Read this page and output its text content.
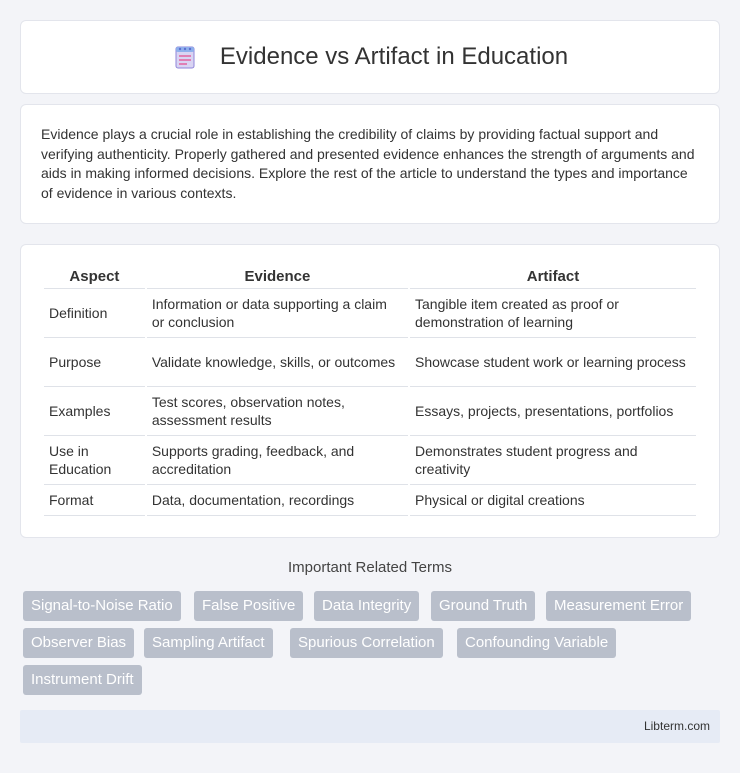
Evidence vs Artifact in Education

Evidence plays a crucial role in establishing the credibility of claims by providing factual support and verifying authenticity. Properly gathered and presented evidence enhances the strength of arguments and aids in making informed decisions. Explore the rest of the article to understand the types and importance of evidence in various contexts.

Aspect	Evidence	Artifact
Definition	Information or data supporting a claim or conclusion	Tangible item created as proof or demonstration of learning
Purpose	Validate knowledge, skills, or outcomes	Showcase student work or learning process
Examples	Test scores, observation notes, assessment results	Essays, projects, presentations, portfolios
Use in Education	Supports grading, feedback, and accreditation	Demonstrates student progress and creativity
Format	Data, documentation, recordings	Physical or digital creations
Important Related Terms
Signal-to-Noise Ratio	False Positive	Data Integrity	Ground Truth	Measurement Error
Observer Bias	Sampling Artifact	Spurious Correlation	Confounding Variable
Instrument Drift
Libterm.com
